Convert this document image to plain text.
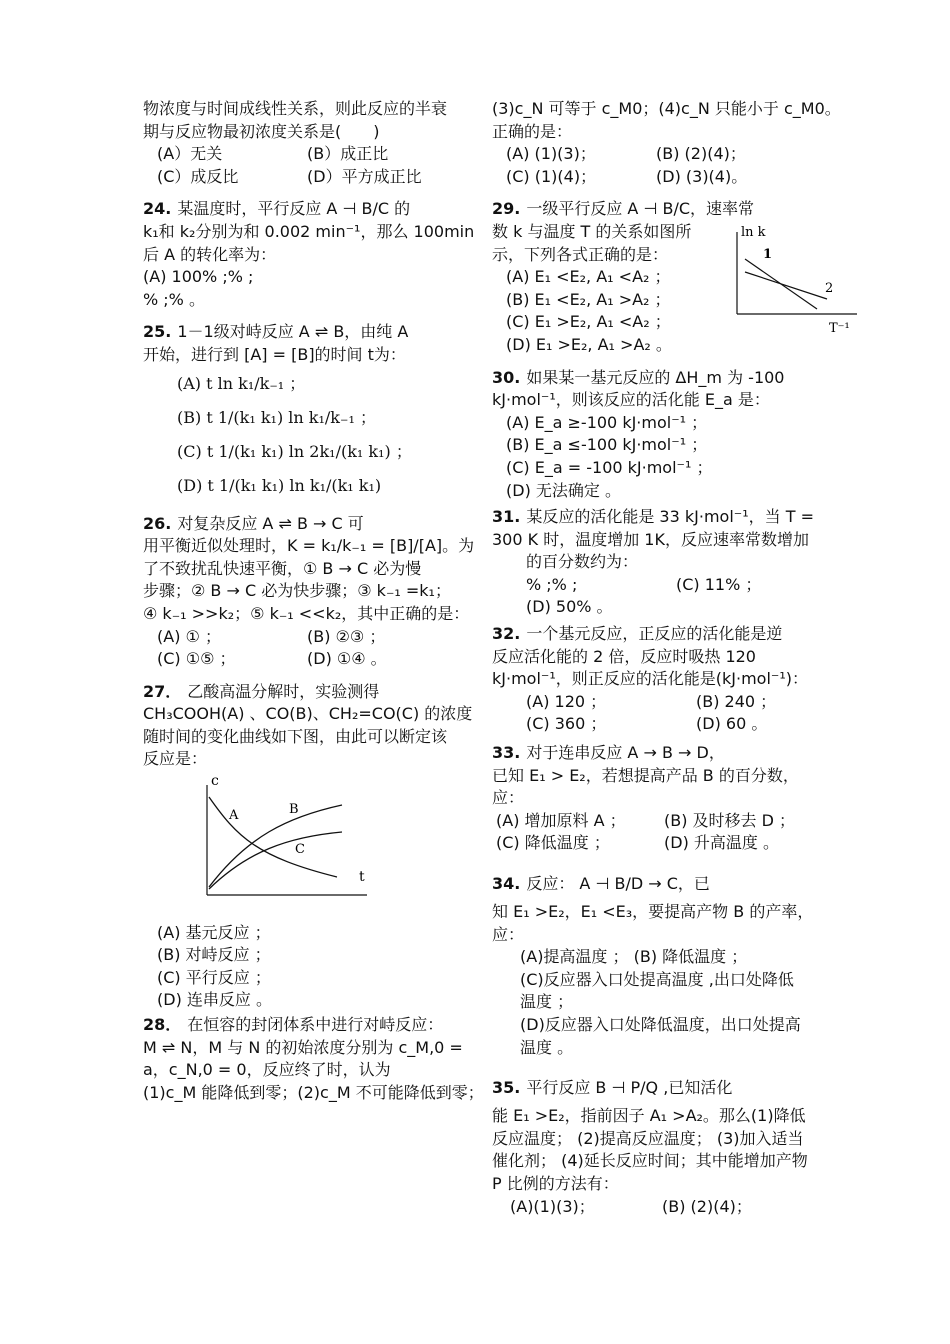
物浓度与时间成线性关系，则此反应的半衰
期与反应物最初浓度关系是(　　)
(A）无关	(B）成正比
(C）成反比	(D）平方成正比
24. 某温度时，平行反应 A ⊣ B/C 的
k₁和 k₂分别为和 0.002 min⁻¹，那么 100min
后 A 的转化率为：
(A) 100% ;% ;
% ;% 。
25. 1－1级对峙反应 A ⇌ B，由纯 A
开始，进行到 [A] = [B]的时间 t为：
(A) t ln k₁/k₋₁ ；
(B) t 1/(k₁ k₁) ln k₁/k₋₁ ；
(C) t 1/(k₁ k₁) ln 2k₁/(k₁ k₁) ；
(D) t 1/(k₁ k₁) ln k₁/(k₁ k₁)
26. 对复杂反应 A ⇌ B → C 可
用平衡近似处理时，K = k₁/k₋₁ = [B]/[A]。为
了不致扰乱快速平衡，① B → C 必为慢
步骤；② B → C 必为快步骤；③ k₋₁ =k₁；
④ k₋₁ >>k₂；⑤ k₋₁ <<k₂，其中正确的是：
(A) ① ；	(B) ②③ ；
(C) ①⑤ ；	(D) ①④ 。
27． 乙酸高温分解时，实验测得
CH₃COOH(A) 、CO(B)、CH₂=CO(C) 的浓度
随时间的变化曲线如下图，由此可以断定该
反应是：
c
t
A	B
C
(A) 基元反应 ；
(B) 对峙反应 ；
(C) 平行反应 ；
(D) 连串反应 。
28． 在恒容的封闭体系中进行对峙反应：
M ⇌ N，M 与 N 的初始浓度分别为 c_M,0 =
a，c_N,0 = 0，反应终了时，认为
(1)c_M 能降低到零；(2)c_M 不可能降低到零；
(3)c_N 可等于 c_M0；(4)c_N 只能小于 c_M0。
正确的是：
(A) (1)(3)；	(B) (2)(4)；
(C) (1)(4)；	(D) (3)(4)。
29. 一级平行反应 A ⊣ B/C，速率常
数 k 与温度 T 的关系如图所
示，下列各式正确的是：
(A) E₁ <E₂, A₁ <A₂ ；
(B) E₁ <E₂, A₁ >A₂ ；
(C) E₁ >E₂, A₁ <A₂ ；
(D) E₁ >E₂, A₁ >A₂ 。
ln k
T⁻¹
1
2
30. 如果某一基元反应的 ΔH_m 为 -100
kJ·mol⁻¹，则该反应的活化能 E_a 是：
(A) E_a ≥-100 kJ·mol⁻¹ ；
(B) E_a ≤-100 kJ·mol⁻¹ ；
(C) E_a = -100 kJ·mol⁻¹ ；
(D) 无法确定 。
31. 某反应的活化能是 33 kJ·mol⁻¹，当 T =
300 K 时，温度增加 1K，反应速率常数增加
的百分数约为：
% ;% ;	(C) 11% ；
(D) 50% 。
32. 一个基元反应，正反应的活化能是逆
反应活化能的 2 倍，反应时吸热 120
kJ·mol⁻¹，则正反应的活化能是(kJ·mol⁻¹)：
(A) 120 ；	(B) 240 ；
(C) 360 ；	(D) 60 。
33. 对于连串反应 A → B → D，
已知 E₁ > E₂，若想提高产品 B 的百分数，
应：
(A) 增加原料 A ；	(B) 及时移去 D ；
(C) 降低温度 ；	(D) 升高温度 。
34. 反应： A ⊣ B/D → C，已
知 E₁ >E₂，E₁ <E₃，要提高产物 B 的产率，
应：
(A)提高温度 ； (B) 降低温度 ；
(C)反应器入口处提高温度 ,出口处降低
温度 ；
(D)反应器入口处降低温度，出口处提高
温度 。
35. 平行反应 B ⊣ P/Q ,已知活化
能 E₁ >E₂，指前因子 A₁ >A₂。那么(1)降低
反应温度； (2)提高反应温度； (3)加入适当
催化剂； (4)延长反应时间；其中能增加产物
P 比例的方法有：
(A)(1)(3)；	(B) (2)(4)；
